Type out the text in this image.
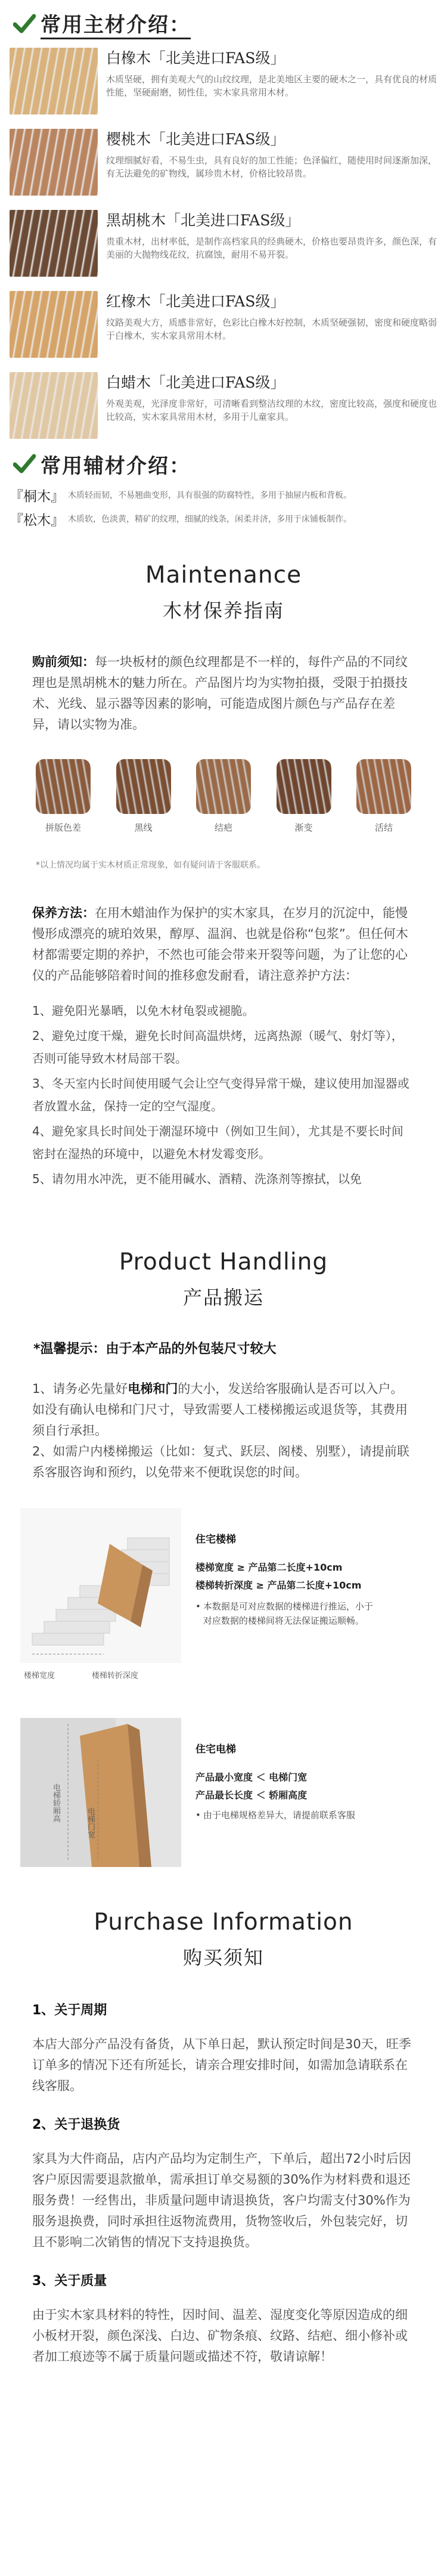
常用主材介绍：
白橡木「北美进口FAS级」
木质坚硬，拥有美观大气的山纹纹理，是北美地区主要的硬木之一，具有优良的材质性能，坚硬耐磨，韧性佳，实木家具常用木材。
樱桃木「北美进口FAS级」
纹理细腻好看，不易生虫，具有良好的加工性能；色泽偏红，随使用时间逐渐加深，有无法避免的矿物线，属珍贵木材，价格比较昂贵。
黑胡桃木「北美进口FAS级」
贵重木材，出材率低，是制作高档家具的经典硬木，价格也要昂贵许多，颜色深，有美丽的大抛物线花纹，抗腐蚀，耐用不易开裂。
红橡木「北美进口FAS级」
纹路美观大方，质感非常好，色彩比白橡木好控制，木质坚硬强韧，密度和硬度略弱于白橡木，实木家具常用木材。
白蜡木「北美进口FAS级」
外观美观，光泽度非常好，可清晰看到整洁纹理的木纹，密度比较高，强度和硬度也比较高，实木家具常用木材，多用于儿童家具。
常用辅材介绍：
『桐木』 木质轻而韧，不易翘曲变形，具有很强的防腐特性，多用于抽屉内板和背板。
『松木』 木质软，色淡黄，精矿的纹理，细腻的线条，闲柔并济，多用于床铺板制作。
Maintenance
木材保养指南

购前须知：每一块板材的颜色纹理都是不一样的，每件产品的不同纹理也是黑胡桃木的魅力所在。产品图片均为实物拍摄，受限于拍摄技术、光线、显示器等因素的影响，可能造成图片颜色与产品存在差异，请以实物为准。

拼版色差	黑线	结疤	渐变	活结

*以上情况均属于实木材质正常现象，如有疑问请于客服联系。

保养方法：在用木蜡油作为保护的实木家具，在岁月的沉淀中，能慢慢形成漂亮的琥珀效果，醇厚、温润、也就是俗称“包浆”。但任何木材都需要定期的养护，不然也可能会带来开裂等问题，为了让您的心仪的产品能够陪着时间的推移愈发耐看，请注意养护方法：

1、避免阳光暴晒，以免木材龟裂或褪脆。

2、避免过度干燥，避免长时间高温烘烤，远离热源（暖气、射灯等），否则可能导致木材局部干裂。

3、冬天室内长时间使用暖气会让空气变得异常干燥，建议使用加湿器或者放置水盆，保持一定的空气湿度。

4、避免家具长时间处于潮湿环境中（例如卫生间），尤其是不要长时间密封在湿热的环境中，以避免木材发霉变形。

5、请勿用水冲洗，更不能用碱水、酒精、洗涤剂等擦拭，以免

Product Handling
产品搬运

*温馨提示：由于本产品的外包装尺寸较大

1、请务必先量好电梯和门的大小，发送给客服确认是否可以入户。如没有确认电梯和门尺寸，导致需要人工楼梯搬运或退货等，其费用须自行承担。

2、如需户内楼梯搬运（比如：复式、跃层、阁楼、别墅），请提前联系客服咨询和预约，以免带来不便耽误您的时间。

楼梯宽度	楼梯转折深度
住宅楼梯
楼梯宽度 ≥ 产品第二长度+10cm
楼梯转折深度 ≥ 产品第二长度+10cm
• 本数据是可对应数据的楼梯进行推运，小于对应数据的楼梯间将无法保证搬运顺畅。
电梯轿厢高
电梯门宽
住宅电梯
产品最小宽度 ＜ 电梯门宽
产品最长长度 ＜ 轿厢高度
• 由于电梯规格差异大，请提前联系客服
Purchase Information
购买须知
1、关于周期

本店大部分产品没有备货，从下单日起，默认预定时间是30天，旺季订单多的情况下还有所延长，请亲合理安排时间，如需加急请联系在线客服。

2、关于退换货

家具为大件商品，店内产品均为定制生产，下单后，超出72小时后因客户原因需要退款撤单，需承担订单交易额的30%作为材料费和退还服务费！一经售出，非质量问题申请退换货，客户均需支付30%作为服务退换费，同时承担往返物流费用，货物签收后，外包装完好，切且不影响二次销售的情况下支持退换货。

3、关于质量

由于实木家具材料的特性，因时间、温差、湿度变化等原因造成的细小板材开裂，颜色深浅、白边、矿物条痕、纹路、结疤、细小修补或者加工痕迹等不属于质量问题或描述不符，敬请谅解！
